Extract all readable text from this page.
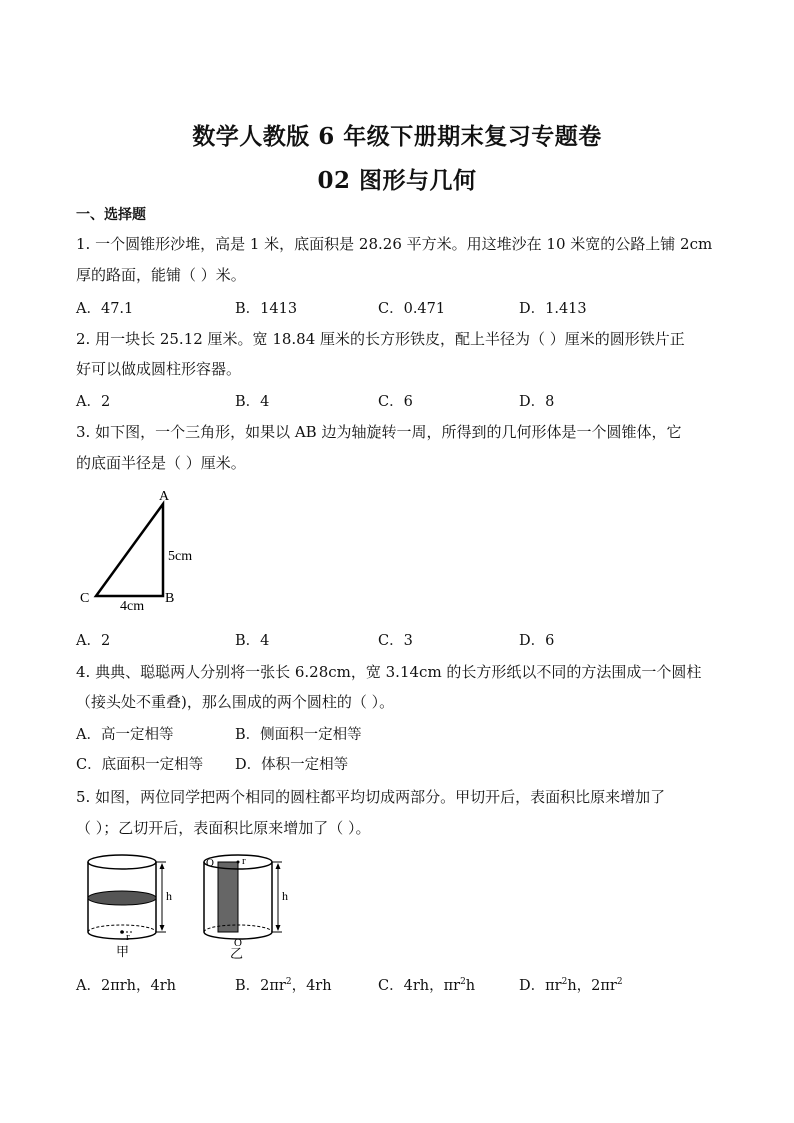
数学人教版 6 年级下册期末复习专题卷
02 图形与几何
一、选择题
1. 一个圆锥形沙堆，高是 1 米，底面积是 28.26 平方米。用这堆沙在 10 米宽的公路上铺 2cm
厚的路面，能铺（ ）米。
A．47.1	B．1413	C．0.471	D．1.413
2. 用一块长 25.12 厘米。宽 18.84 厘米的长方形铁皮，配上半径为（ ）厘米的圆形铁片正
好可以做成圆柱形容器。
A．2	B．4	C．6	D．8
3. 如下图，一个三角形，如果以 AB 边为轴旋转一周，所得到的几何形体是一个圆锥体，它
的底面半径是（ ）厘米。
A
B
C
5cm
4cm
A．2	B．4	C．3	D．6
4. 典典、聪聪两人分别将一张长 6.28cm，宽 3.14cm 的长方形纸以不同的方法围成一个圆柱
（接头处不重叠)，那么围成的两个圆柱的（ ）。
A．高一定相等	B．侧面积一定相等
C．底面积一定相等 D．体积一定相等
5. 如图，两位同学把两个相同的圆柱都平均切成两部分。甲切开后，表面积比原来增加了
（ ）；乙切开后，表面积比原来增加了（ ）。
r
h
甲
O	r
O
h
乙
A．2πrh，4rh	B．$2\pi r^2$，4rh	C．4rh，$\pi r^2h$	D．$\pi r^2h$，$2\pi r^2$
